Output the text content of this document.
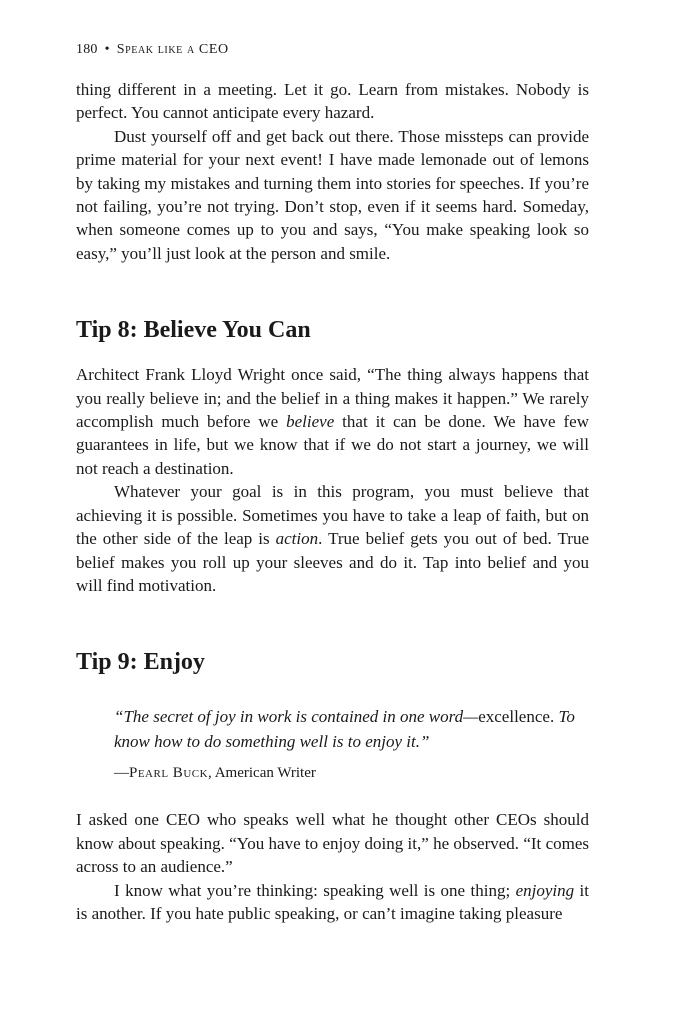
180 • Speak like a CEO

thing different in a meeting. Let it go. Learn from mistakes. Nobody is perfect. You cannot anticipate every hazard.

Dust yourself off and get back out there. Those missteps can provide prime material for your next event! I have made lemonade out of lemons by taking my mistakes and turning them into stories for speeches. If you’re not failing, you’re not trying. Don’t stop, even if it seems hard. Someday, when someone comes up to you and says, “You make speaking look so easy,” you’ll just look at the person and smile.

Tip 8: Believe You Can

Architect Frank Lloyd Wright once said, “The thing always happens that you really believe in; and the belief in a thing makes it happen.” We rarely accomplish much before we believe that it can be done. We have few guarantees in life, but we know that if we do not start a journey, we will not reach a destination.

Whatever your goal is in this program, you must believe that achieving it is possible. Sometimes you have to take a leap of faith, but on the other side of the leap is action. True belief gets you out of bed. True belief makes you roll up your sleeves and do it. Tap into belief and you will find motivation.

Tip 9: Enjoy
“The secret of joy in work is contained in one word—excellence. To know how to do something well is to enjoy it.”
—Pearl Buck, American Writer

I asked one CEO who speaks well what he thought other CEOs should know about speaking. “You have to enjoy doing it,” he observed. “It comes across to an audience.”

I know what you’re thinking: speaking well is one thing; enjoying it is another. If you hate public speaking, or can’t imagine taking pleasure
